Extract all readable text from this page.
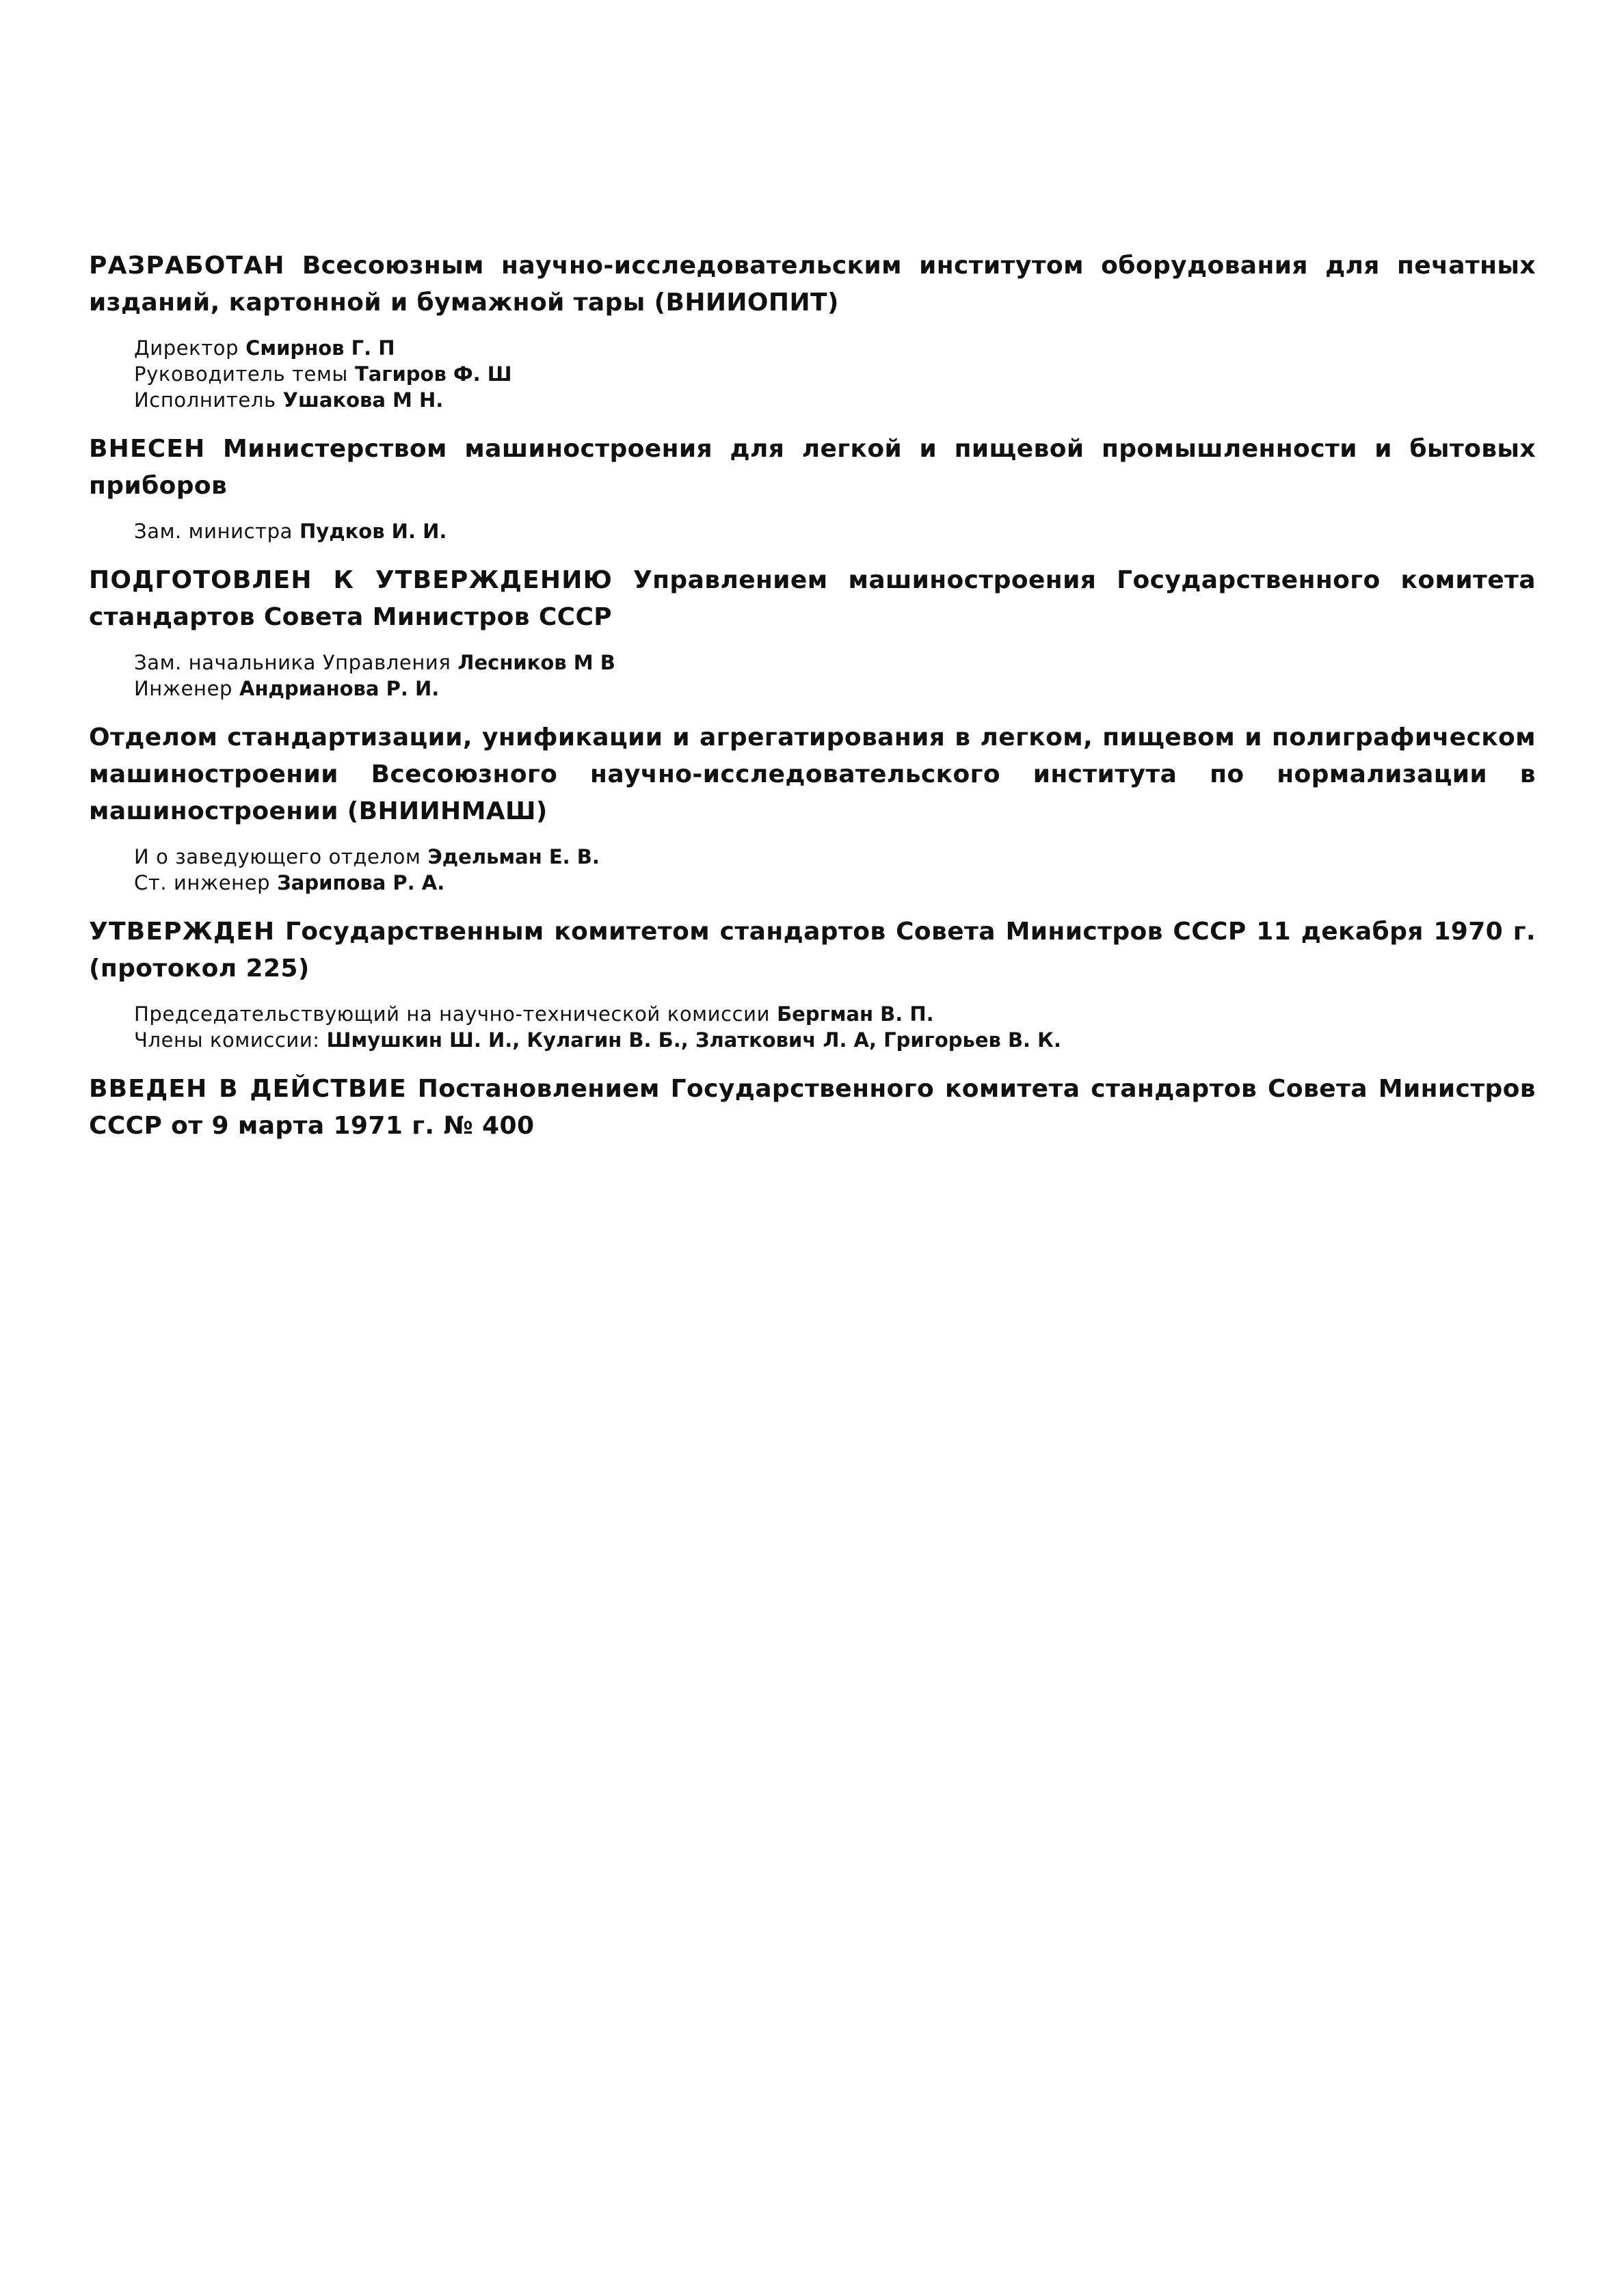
РАЗРАБОТАН Всесоюзным научно-исследовательским институтом оборудования для печатных изданий, картонной и бумажной тары (ВНИИОПИТ)

Директор Смирнов Г. П
Руководитель темы Тагиров Ф. Ш
Исполнитель Ушакова М Н.

ВНЕСЕН Министерством машиностроения для легкой и пищевой промышленности и бытовых приборов

Зам. министра Пудков И. И.

ПОДГОТОВЛЕН К УТВЕРЖДЕНИЮ Управлением машиностроения Государственного комитета стандартов Совета Министров СССР

Зам. начальника Управления Лесников М В
Инженер Андрианова Р. И.

Отделом стандартизации, унификации и агрегатирования в легком, пищевом и полиграфическом машиностроении Всесоюзного научно-исследовательского института по нормализации в машиностроении (ВНИИНМАШ)

И о заведующего отделом Эдельман Е. В.
Ст. инженер Зарипова Р. А.

УТВЕРЖДЕН Государственным комитетом стандартов Совета Министров СССР 11 декабря 1970 г. (протокол 225)

Председательствующий на научно-технической комиссии Бергман В. П.
Члены комиссии: Шмушкин Ш. И., Кулагин В. Б., Златкович Л. А, Григорьев В. К.

ВВЕДЕН В ДЕЙСТВИЕ Постановлением Государственного комитета стандартов Совета Министров СССР от 9 марта 1971 г. № 400
